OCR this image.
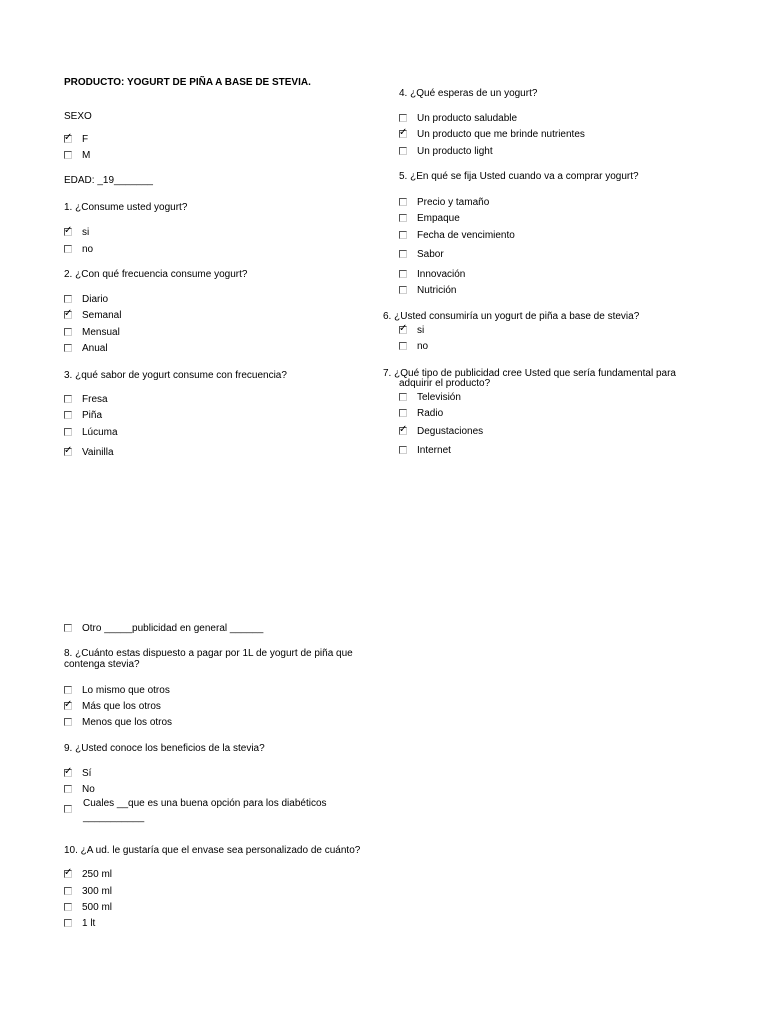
PRODUCTO: YOGURT DE PIÑA A BASE DE STEVIA.
SEXO
✓ F
M
EDAD: _19_______
1. ¿Consume usted yogurt?
✓ si
no
2. ¿Con qué frecuencia consume yogurt?
Diario
✓ Semanal
Mensual
Anual
3. ¿qué sabor de yogurt consume con frecuencia?
Fresa
Piña
Lúcuma
✓ Vainilla
4. ¿Qué esperas de un yogurt?
Un producto saludable
✓ Un producto que me brinde nutrientes
Un producto light
5. ¿En qué se fija Usted cuando va a comprar yogurt?
Precio y tamaño
Empaque
Fecha de vencimiento
Sabor
Innovación
Nutrición
6. ¿Usted consumiría un yogurt de piña a base de stevia?
✓ si
no
7. ¿Qué tipo de publicidad cree Usted que sería fundamental para
adquirir el producto?
Televisión
Radio
✓ Degustaciones
Internet
Otro _____publicidad en general ______
8. ¿Cuánto estas dispuesto a pagar por 1L de yogurt de piña que
contenga stevia?
Lo mismo que otros
✓ Más que los otros
Menos que los otros
9. ¿Usted conoce los beneficios de la stevia?
✓ Sí
No
Cuales __que es una buena opción para los diabéticos
___________
10. ¿A ud. le gustaría que el envase sea personalizado de cuánto?
✓ 250 ml
300 ml
500 ml
1 lt
